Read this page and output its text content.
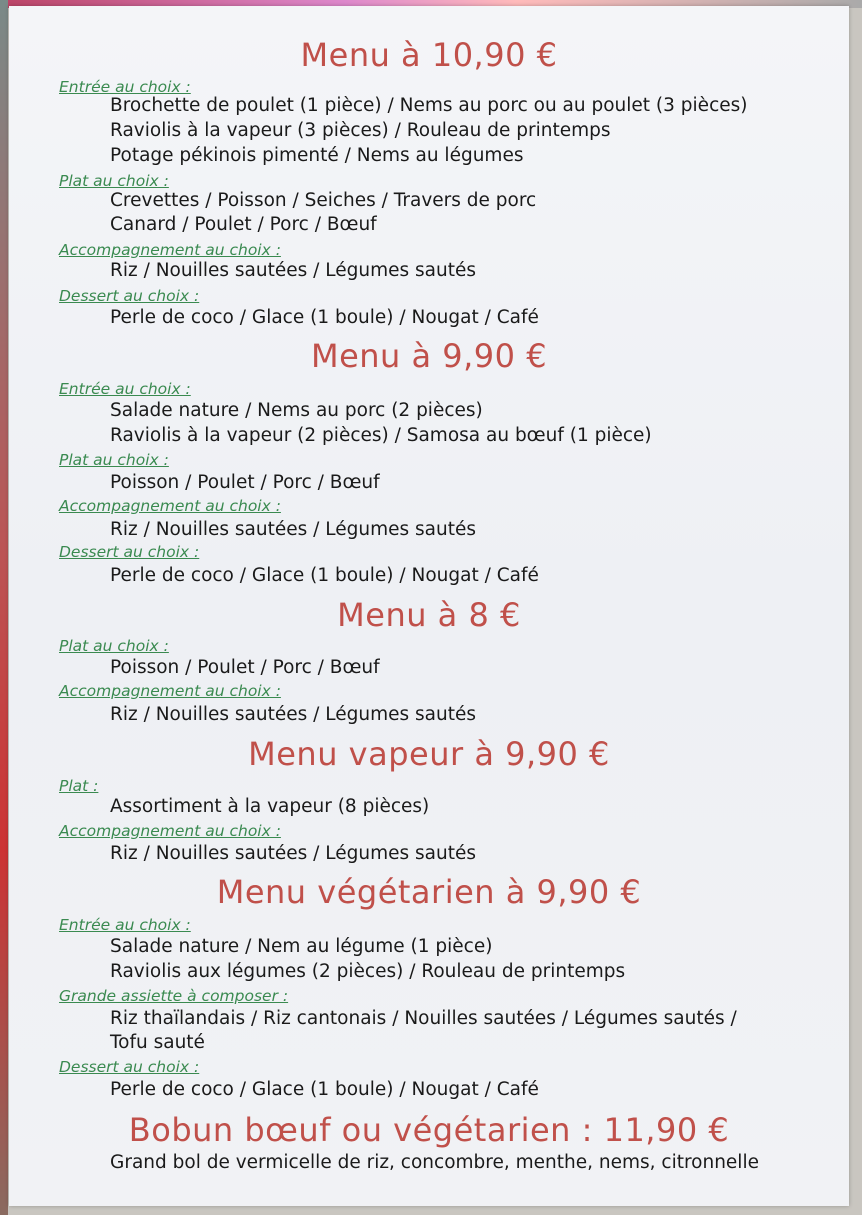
Menu à 10,90 €
Entrée au choix :
Brochette de poulet (1 pièce) / Nems au porc ou au poulet (3 pièces)
Raviolis à la vapeur (3 pièces) / Rouleau de printemps
Potage pékinois pimenté / Nems au légumes
Plat au choix :
Crevettes / Poisson / Seiches / Travers de porc
Canard / Poulet / Porc / Bœuf
Accompagnement au choix :
Riz / Nouilles sautées / Légumes sautés
Dessert au choix :
Perle de coco / Glace (1 boule) / Nougat / Café
Menu à 9,90 €
Entrée au choix :
Salade nature / Nems au porc (2 pièces)
Raviolis à la vapeur (2 pièces) / Samosa au bœuf (1 pièce)
Plat au choix :
Poisson / Poulet / Porc / Bœuf
Accompagnement au choix :
Riz / Nouilles sautées / Légumes sautés
Dessert au choix :
Perle de coco / Glace (1 boule) / Nougat / Café
Menu à 8 €
Plat au choix :
Poisson / Poulet / Porc / Bœuf
Accompagnement au choix :
Riz / Nouilles sautées / Légumes sautés
Menu vapeur à 9,90 €
Plat :
Assortiment à la vapeur (8 pièces)
Accompagnement au choix :
Riz / Nouilles sautées / Légumes sautés
Menu végétarien à 9,90 €
Entrée au choix :
Salade nature / Nem au légume (1 pièce)
Raviolis aux légumes (2 pièces) / Rouleau de printemps
Grande assiette à composer :
Riz thaïlandais / Riz cantonais / Nouilles sautées / Légumes sautés /
Tofu sauté
Dessert au choix :
Perle de coco / Glace (1 boule) / Nougat / Café
Bobun bœuf ou végétarien : 11,90 €
Grand bol de vermicelle de riz, concombre, menthe, nems, citronnelle
